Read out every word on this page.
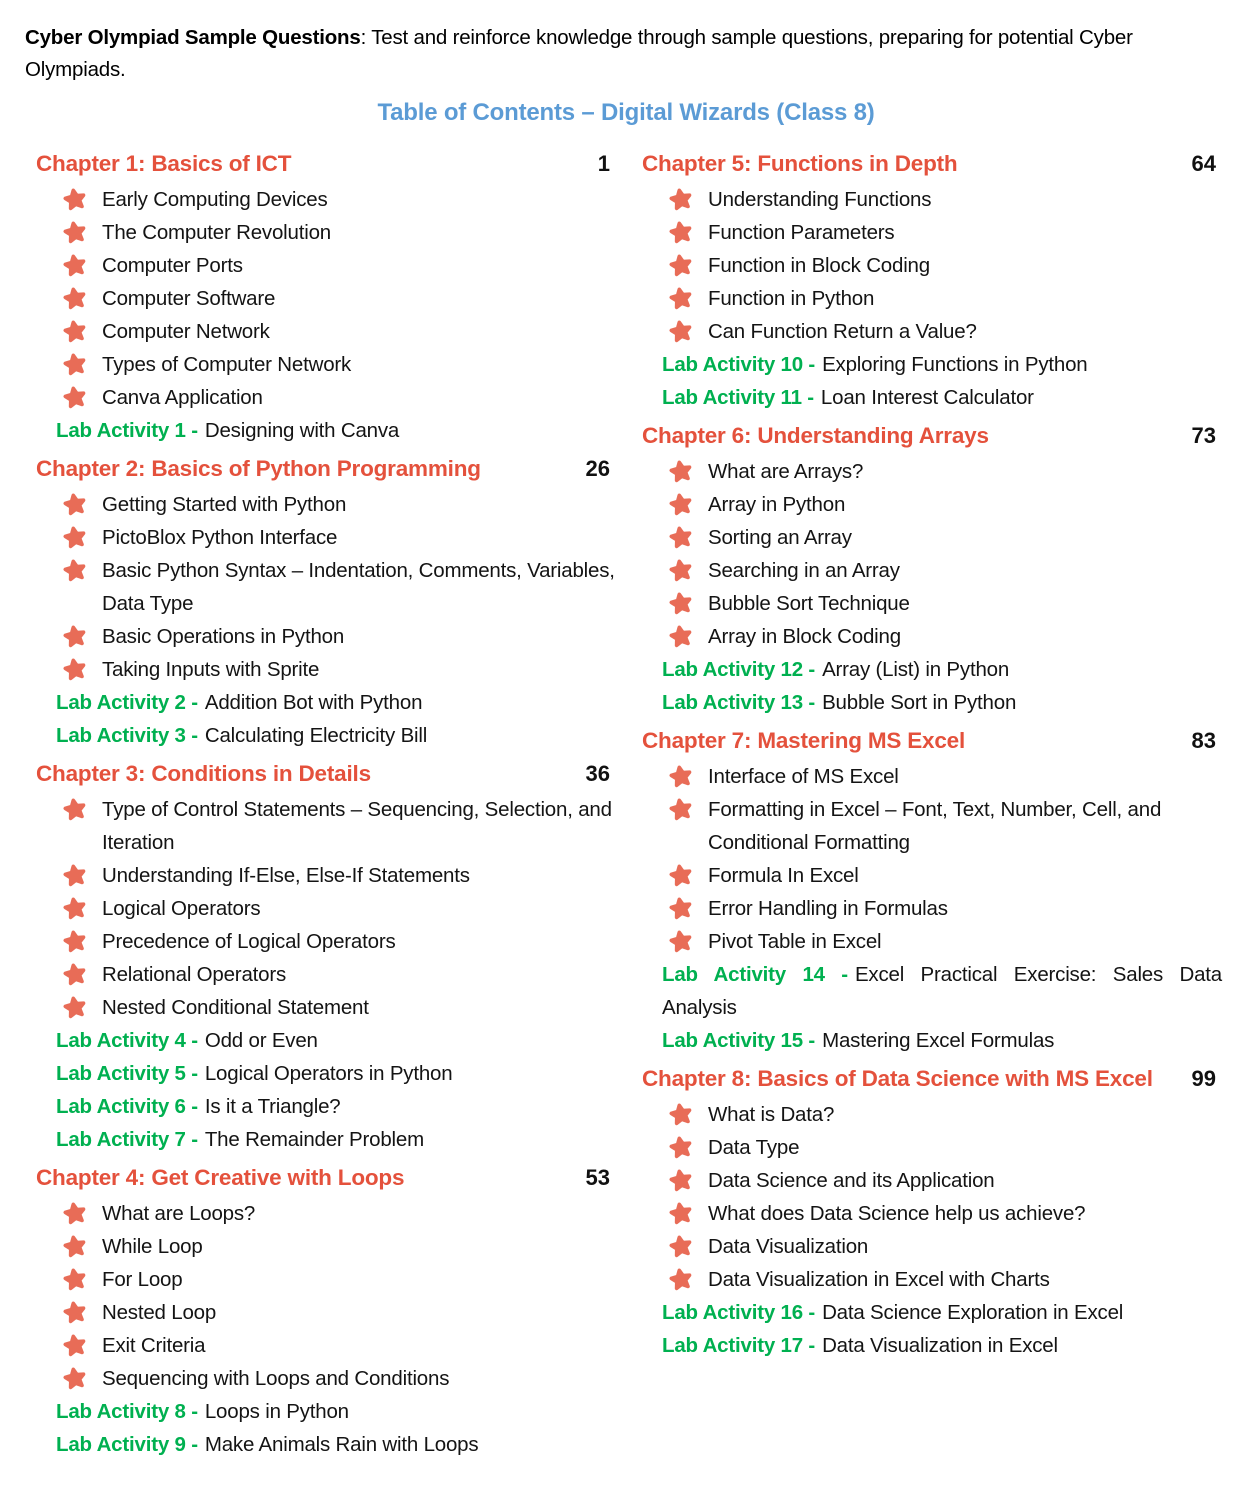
Cyber Olympiad Sample Questions: Test and reinforce knowledge through sample questions, preparing for potential Cyber Olympiads.
Table of Contents – Digital Wizards (Class 8)
Chapter 1: Basics of ICT	1
Early Computing Devices
The Computer Revolution
Computer Ports
Computer Software
Computer Network
Types of Computer Network
Canva Application
Lab Activity 1 - Designing with Canva
Chapter 2: Basics of Python Programming	26
Getting Started with Python
PictoBlox Python Interface
Basic Python Syntax – Indentation, Comments, Variables, Data Type
Basic Operations in Python
Taking Inputs with Sprite
Lab Activity 2 - Addition Bot with Python
Lab Activity 3 - Calculating Electricity Bill
Chapter 3: Conditions in Details	36
Type of Control Statements – Sequencing, Selection, and Iteration
Understanding If-Else, Else-If Statements
Logical Operators
Precedence of Logical Operators
Relational Operators
Nested Conditional Statement
Lab Activity 4 - Odd or Even
Lab Activity 5 - Logical Operators in Python
Lab Activity 6 - Is it a Triangle?
Lab Activity 7 - The Remainder Problem
Chapter 4: Get Creative with Loops	53
What are Loops?
While Loop
For Loop
Nested Loop
Exit Criteria
Sequencing with Loops and Conditions
Lab Activity 8 - Loops in Python
Lab Activity 9 - Make Animals Rain with Loops
Chapter 5: Functions in Depth	64
Understanding Functions
Function Parameters
Function in Block Coding
Function in Python
Can Function Return a Value?
Lab Activity 10 - Exploring Functions in Python
Lab Activity 11 - Loan Interest Calculator
Chapter 6: Understanding Arrays	73
What are Arrays?
Array in Python
Sorting an Array
Searching in an Array
Bubble Sort Technique
Array in Block Coding
Lab Activity 12 - Array (List) in Python
Lab Activity 13 - Bubble Sort in Python
Chapter 7: Mastering MS Excel	83
Interface of MS Excel
Formatting in Excel – Font, Text, Number, Cell, and Conditional Formatting
Formula In Excel
Error Handling in Formulas
Pivot Table in Excel
Lab Activity 14 - Excel Practical Exercise: Sales Data Analysis
Lab Activity 15 - Mastering Excel Formulas
Chapter 8: Basics of Data Science with MS Excel 99
What is Data?
Data Type
Data Science and its Application
What does Data Science help us achieve?
Data Visualization
Data Visualization in Excel with Charts
Lab Activity 16 - Data Science Exploration in Excel
Lab Activity 17 - Data Visualization in Excel
